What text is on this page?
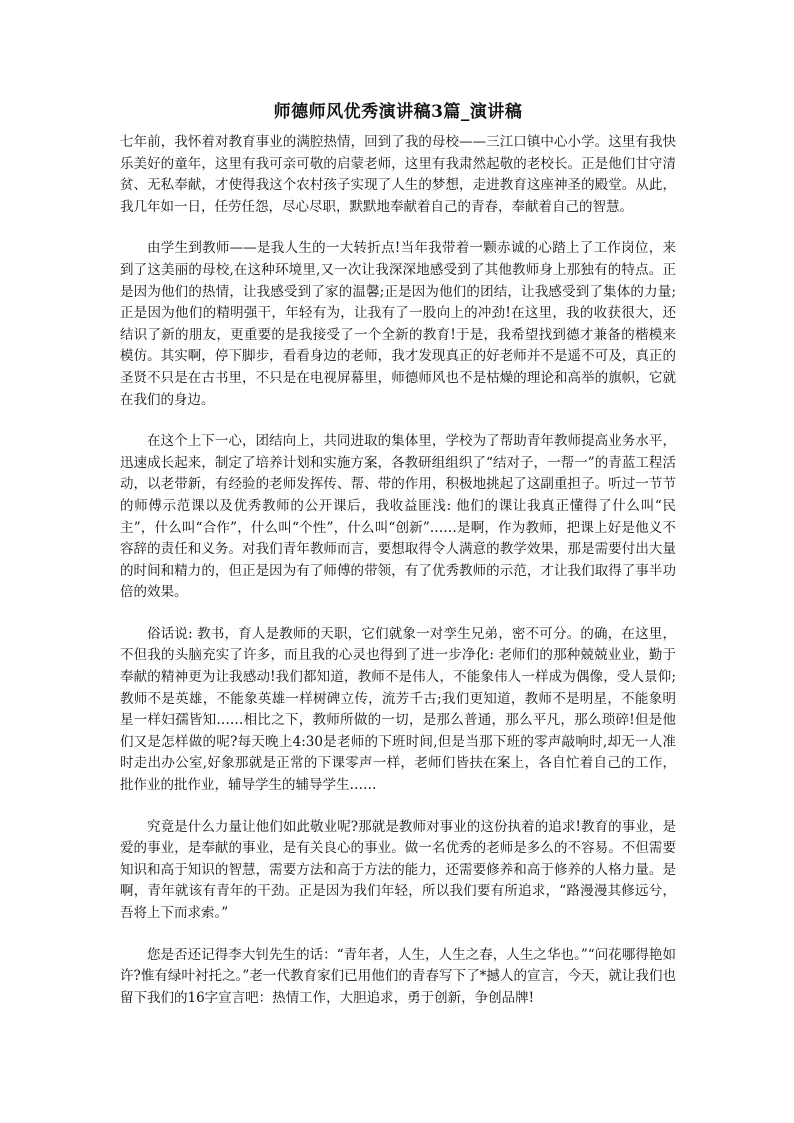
师德师风优秀演讲稿3篇_演讲稿

七年前，我怀着对教育事业的满腔热情，回到了我的母校——三江口镇中心小学。这里有我快乐美好的童年，这里有我可亲可敬的启蒙老师，这里有我肃然起敬的老校长。正是他们甘守清贫、无私奉献，才使得我这个农村孩子实现了人生的梦想，走进教育这座神圣的殿堂。从此，我几年如一日，任劳任怨，尽心尽职，默默地奉献着自己的青春，奉献着自己的智慧。

由学生到教师——是我人生的一大转折点!当年我带着一颗赤诚的心踏上了工作岗位，来到了这美丽的母校,在这种环境里,又一次让我深深地感受到了其他教师身上那独有的特点。正是因为他们的热情，让我感受到了家的温馨;正是因为他们的团结，让我感受到了集体的力量;正是因为他们的精明强干，年轻有为，让我有了一股向上的冲劲!在这里，我的收获很大，还结识了新的朋友，更重要的是我接受了一个全新的教育!于是，我希望找到德才兼备的楷模来模仿。其实啊，停下脚步，看看身边的老师，我才发现真正的好老师并不是遥不可及，真正的圣贤不只是在古书里，不只是在电视屏幕里，师德师风也不是枯燥的理论和高举的旗帜，它就在我们的身边。

在这个上下一心，团结向上，共同进取的集体里，学校为了帮助青年教师提高业务水平，迅速成长起来，制定了培养计划和实施方案，各教研组组织了“结对子，一帮一”的青蓝工程活动，以老带新，有经验的老师发挥传、帮、带的作用，积极地挑起了这副重担子。听过一节节的师傅示范课以及优秀教师的公开课后，我收益匪浅: 他们的课让我真正懂得了什么叫“民主”，什么叫“合作”，什么叫“个性”，什么叫“创新”……是啊，作为教师，把课上好是他义不容辞的责任和义务。对我们青年教师而言，要想取得令人满意的教学效果，那是需要付出大量的时间和精力的，但正是因为有了师傅的带领，有了优秀教师的示范，才让我们取得了事半功倍的效果。

俗话说: 教书，育人是教师的天职，它们就象一对孪生兄弟，密不可分。的确，在这里，不但我的头脑充实了许多，而且我的心灵也得到了进一步净化: 老师们的那种兢兢业业，勤于奉献的精神更为让我感动!我们都知道，教师不是伟人，不能象伟人一样成为偶像，受人景仰;教师不是英雄，不能象英雄一样树碑立传，流芳千古;我们更知道，教师不是明星，不能象明星一样妇孺皆知……相比之下，教师所做的一切，是那么普通，那么平凡，那么琐碎!但是他们又是怎样做的呢?每天晚上4:30是老师的下班时间,但是当那下班的零声敲响时,却无一人准时走出办公室,好象那就是正常的下课零声一样，老师们皆扶在案上，各自忙着自己的工作，批作业的批作业，辅导学生的辅导学生……

究竟是什么力量让他们如此敬业呢?那就是教师对事业的这份执着的追求!教育的事业，是爱的事业，是奉献的事业，是有关良心的事业。做一名优秀的老师是多么的不容易。不但需要知识和高于知识的智慧，需要方法和高于方法的能力，还需要修养和高于修养的人格力量。是啊，青年就该有青年的干劲。正是因为我们年轻，所以我们要有所追求，“路漫漫其修远兮，吾将上下而求索。”

您是否还记得李大钊先生的话：“青年者，人生，人生之春，人生之华也。”“问花哪得艳如许?惟有绿叶衬托之。”老一代教育家们已用他们的青春写下了*撼人的宣言，今天，就让我们也留下我们的16字宣言吧：热情工作，大胆追求，勇于创新，争创品牌!
